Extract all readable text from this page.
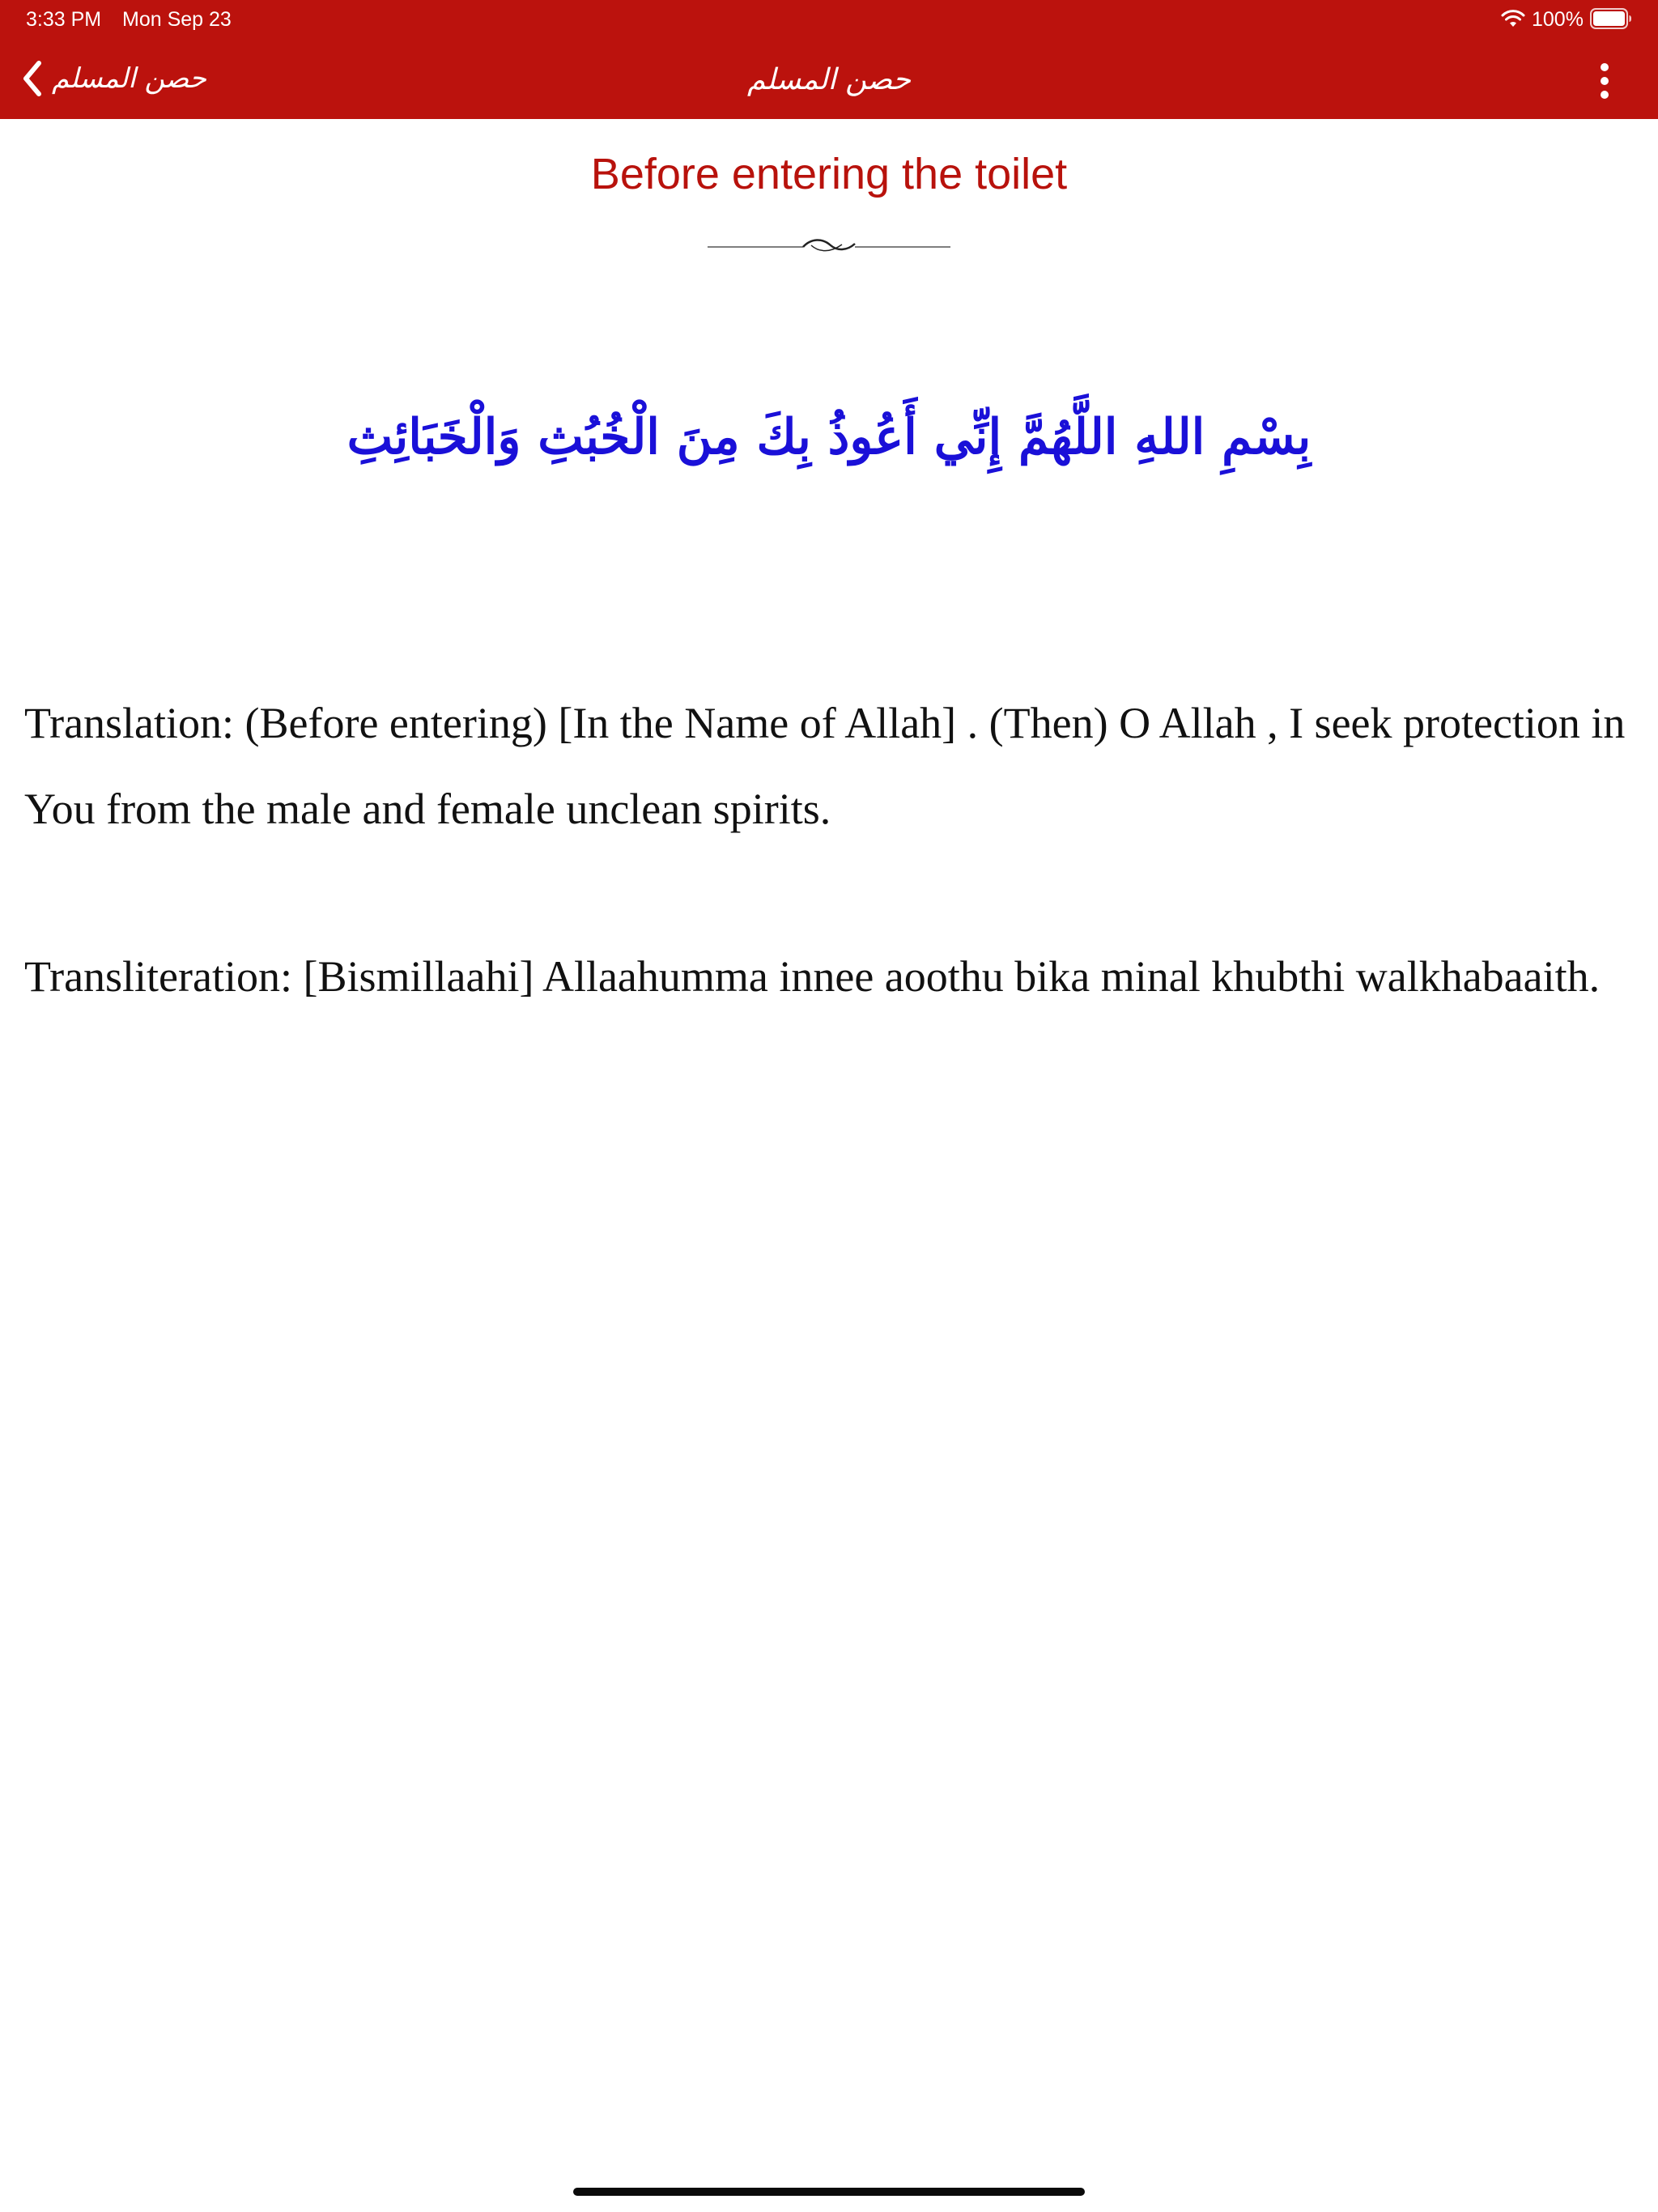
3:33 PM Mon Sep 23	100%
حصن المسلم	حصن المسلم
Before entering the toilet
بِسْمِ اللهِ اللَّهُمَّ إِنِّي أَعُوذُ بِكَ مِنَ الْخُبُثِ وَالْخَبَائِثِ
Translation: (Before entering) [In the Name of Allah] . (Then) O Allah , I seek protection in You from the male and female unclean spirits.
Transliteration: [Bismillaahi] Allaahumma innee aoothu bika minal khubthi walkhabaaith.
